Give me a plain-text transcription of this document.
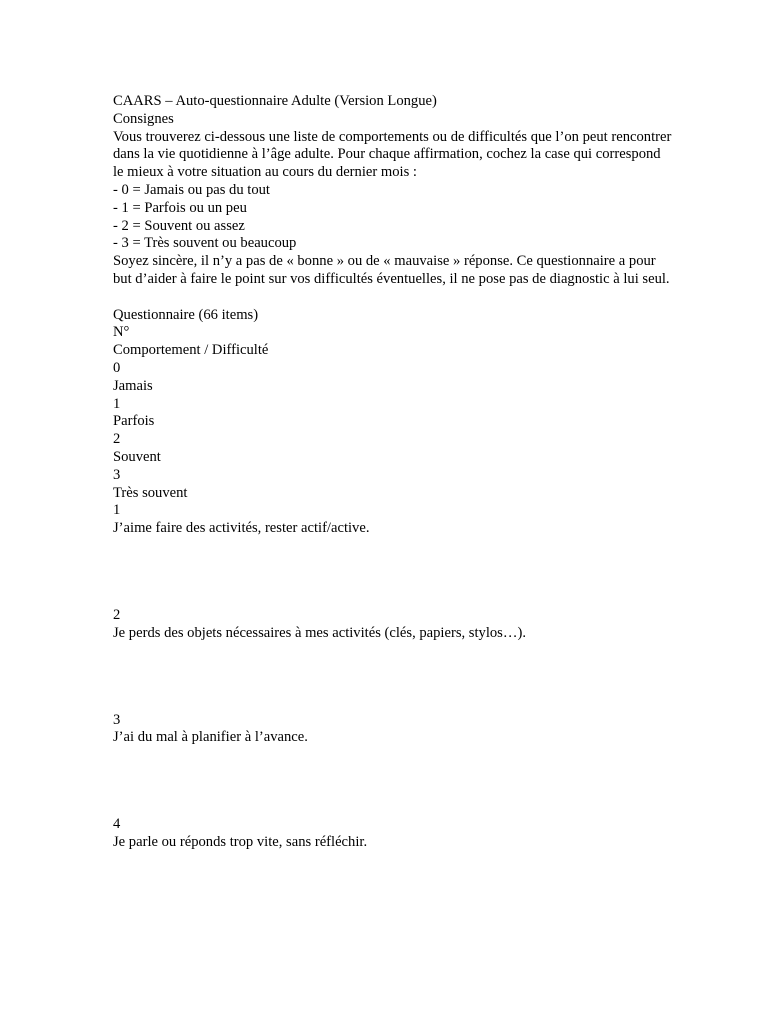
CAARS – Auto-questionnaire Adulte (Version Longue)
Consignes
Vous trouverez ci-dessous une liste de comportements ou de difficultés que l’on peut rencontrer dans la vie quotidienne à l’âge adulte. Pour chaque affirmation, cochez la case qui correspond le mieux à votre situation au cours du dernier mois :
- 0 = Jamais ou pas du tout
- 1 = Parfois ou un peu
- 2 = Souvent ou assez
- 3 = Très souvent ou beaucoup
Soyez sincère, il n’y a pas de « bonne » ou de « mauvaise » réponse. Ce questionnaire a pour but d’aider à faire le point sur vos difficultés éventuelles, il ne pose pas de diagnostic à lui seul.
Questionnaire (66 items)
N°
Comportement / Difficulté
0
Jamais
1
Parfois
2
Souvent
3
Très souvent
1
J’aime faire des activités, rester actif/active.
2
Je perds des objets nécessaires à mes activités (clés, papiers, stylos…).
3
J’ai du mal à planifier à l’avance.
4
Je parle ou réponds trop vite, sans réfléchir.
